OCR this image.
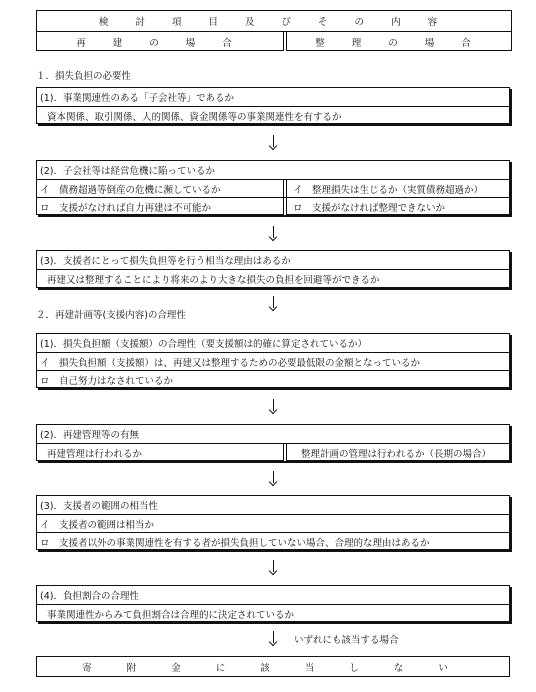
検 討 項 目 及 び そ の 内 容
再 建 の 場 合	整 理 の 場 合
１．損失負担の必要性
(1)．事業関連性のある「子会社等」であるか
資本関係、取引関係、人的関係、資金関係等の事業関連性を有するか
(2)．子会社等は経営危機に陥っているか
イ　債務超過等倒産の危機に瀕しているか	イ　整理損失は生じるか（実質債務超過か）
ロ　支援がなければ自力再建は不可能か	ロ　支援がなければ整理できないか
(3)．支援者にとって損失負担等を行う相当な理由はあるか
再建又は整理することにより将来のより大きな損失の負担を回避等ができるか
２．再建計画等(支援内容)の合理性
(1)．損失負担額（支援額）の合理性（要支援額は的確に算定されているか）
イ　損失負担額（支援額）は、再建又は整理するための必要最低限の金額となっているか
ロ　自己努力はなされているか
(2)．再建管理等の有無
再建管理は行われるか	整理計画の管理は行われるか（長期の場合）
(3)．支援者の範囲の相当性
イ　支援者の範囲は相当か
ロ　支援者以外の事業関連性を有する者が損失負担していない場合、合理的な理由はあるか
(4)．負担割合の合理性
事業関連性からみて負担割合は合理的に決定されているか
いずれにも該当する場合
寄 附 金 に 該 当 し な い
